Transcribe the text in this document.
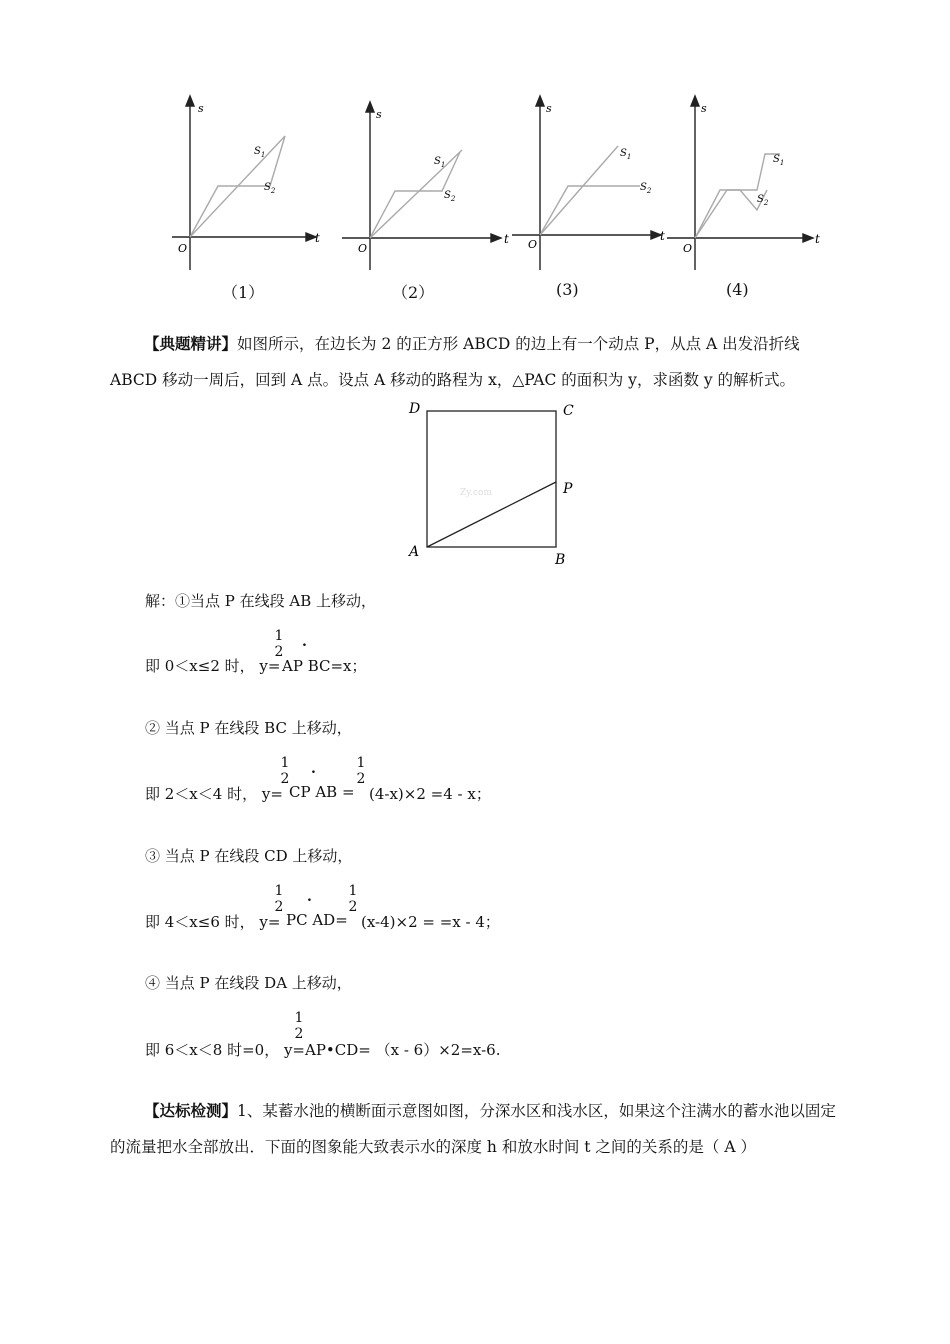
s
t
O
$S_1$
$S_2$
s
t
O
$S_1$
$S_2$
s
t
O
$S_1$
$S_2$
s
t
O
$S_1$
$S_2$
（1）	（2）	(3)	(4)
【典题精讲】如图所示，在边长为 2 的正方形 ABCD 的边上有一个动点 P，从点 A 出发沿折线 ABCD 移动一周后，回到 A 点。设点 A 移动的路程为 x，△PAC 的面积为 y，求函数 y 的解析式。
D	C
P
A	B
Zy.com
解：①当点 P 在线段 AB 上移动，
1
2
.
即 0＜x≤2 时， y= AP BC=x；
② 当点 P 在线段 BC 上移动，
1
2
.	1
2
即 2＜x＜4 时， y= CP AB = (4-x)×2 =4 - x；
③ 当点 P 在线段 CD 上移动，
1
2
.	1
2
即 4＜x≤6 时， y= PC AD= (x-4)×2 = =x - 4；
④ 当点 P 在线段 DA 上移动，
1
2
即 6＜x＜8 时=0， y= AP•CD= （x - 6）×2=x-6.
【达标检测】1、某蓄水池的横断面示意图如图，分深水区和浅水区，如果这个注满水的蓄水池以固定的流量把水全部放出．下面的图象能大致表示水的深度 h 和放水时间 t 之间的关系的是（ A ）
